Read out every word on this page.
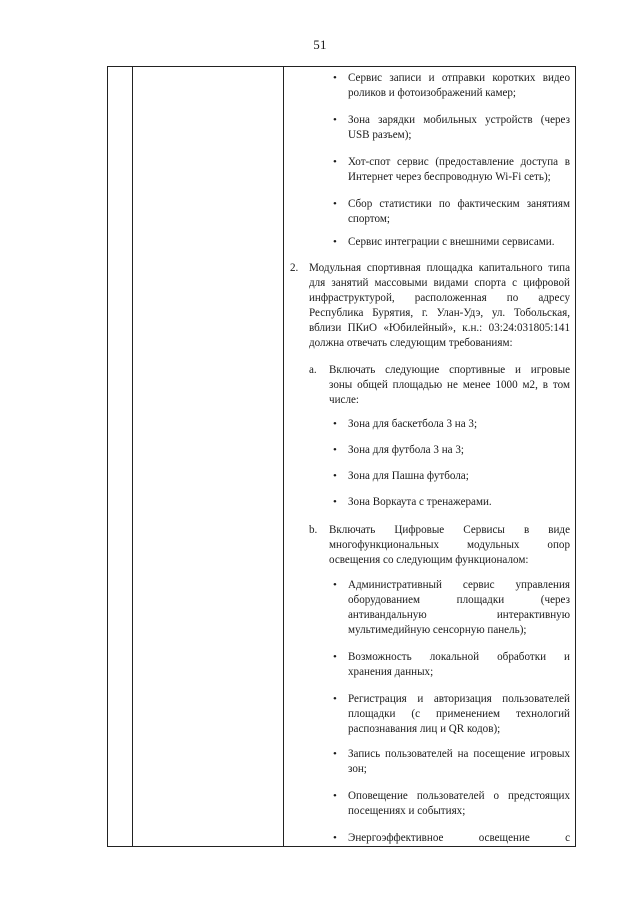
51
• Сервис записи и отправки коротких видео
роликов и фотоизображений камер;
• Зона зарядки мобильных устройств (через
USB разъем);
• Хот-спот сервис (предоставление доступа в
Интернет через беспроводную Wi-Fi сеть);
• Сбор статистики по фактическим занятиям
спортом;
• Сервис интеграции с внешними сервисами.
2. Модульная спортивная площадка капитального типа
для занятий массовыми видами спорта с цифровой
инфраструктурой, расположенная по адресу
Республика Бурятия, г. Улан-Удэ, ул. Тобольская,
вблизи ПКиО «Юбилейный», к.н.: 03:24:031805:141
должна отвечать следующим требованиям:
a. Включать следующие спортивные и игровые
зоны общей площадью не менее 1000 м2, в том
числе:
• Зона для баскетбола 3 на 3;
• Зона для футбола 3 на 3;
• Зона для Пашна футбола;
• Зона Воркаута с тренажерами.
b. Включать Цифровые Сервисы в виде
многофункциональных модульных опор
освещения со следующим функционалом:
• Административный сервис управления
оборудованием площадки (через
антивандальную интерактивную
мультимедийную сенсорную панель);
• Возможность локальной обработки и
хранения данных;
• Регистрация и авторизация пользователей
площадки (с применением технологий
распознавания лиц и QR кодов);
• Запись пользователей на посещение игровых
зон;
• Оповещение пользователей о предстоящих
посещениях и событиях;
• Энергоэффективное освещение с
